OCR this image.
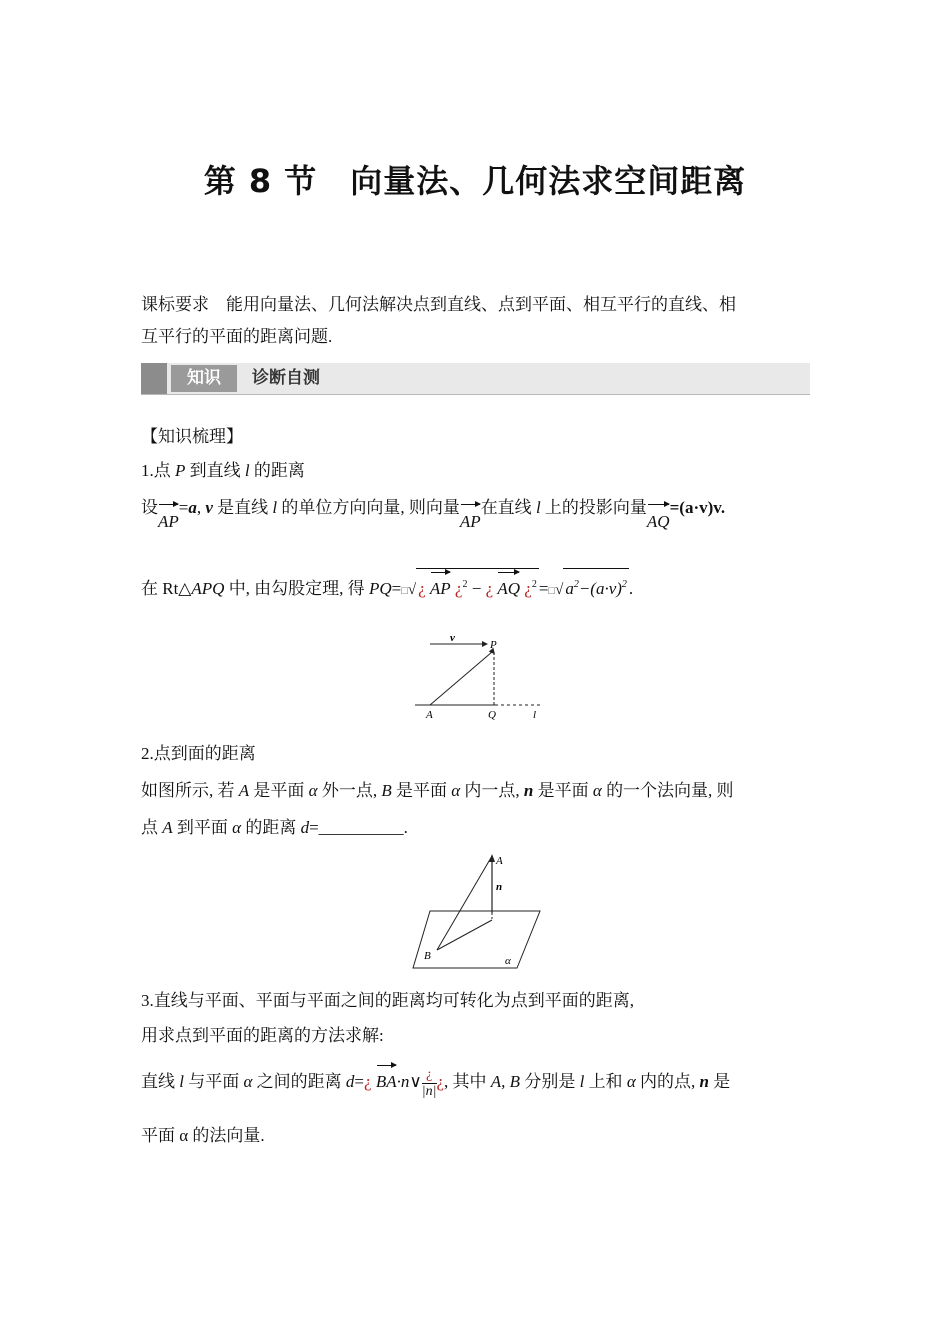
第 8 节　向量法、几何法求空间距离
课标要求 能用向量法、几何法解决点到直线、点到平面、相互平行的直线、相
互平行的平面的距离问题.
知识	诊断自测
【知识梳理】
1.点 P 到直线 l 的距离
设AP=a, v 是直线 l 的单位方向向量, 则向量AP在直线 l 上的投影向量AQ=(a·v)v.
在 Rt△APQ 中, 由勾股定理, 得 PQ=□√ ¿ AP ¿$^2$ − ¿ AQ ¿$^2$ =□√ $a^2-(a\cdot v)^2$ .
v
P
A	Q	l
2.点到面的距离
如图所示, 若 A 是平面 α 外一点, B 是平面 α 内一点, n 是平面 α 的一个法向量, 则
点 A 到平面 α 的距离 d=__________.
A
n
B	α
3.直线与平面、平面与平面之间的距离均可转化为点到平面的距离,
用求点到平面的距离的方法求解:
直线 l 与平面 α 之间的距离 d=¿ BA·n∨ $\frac{¿}{|n|}$ ¿, 其中 A, B 分别是 l 上和 α 内的点, n 是
平面 α 的法向量.
